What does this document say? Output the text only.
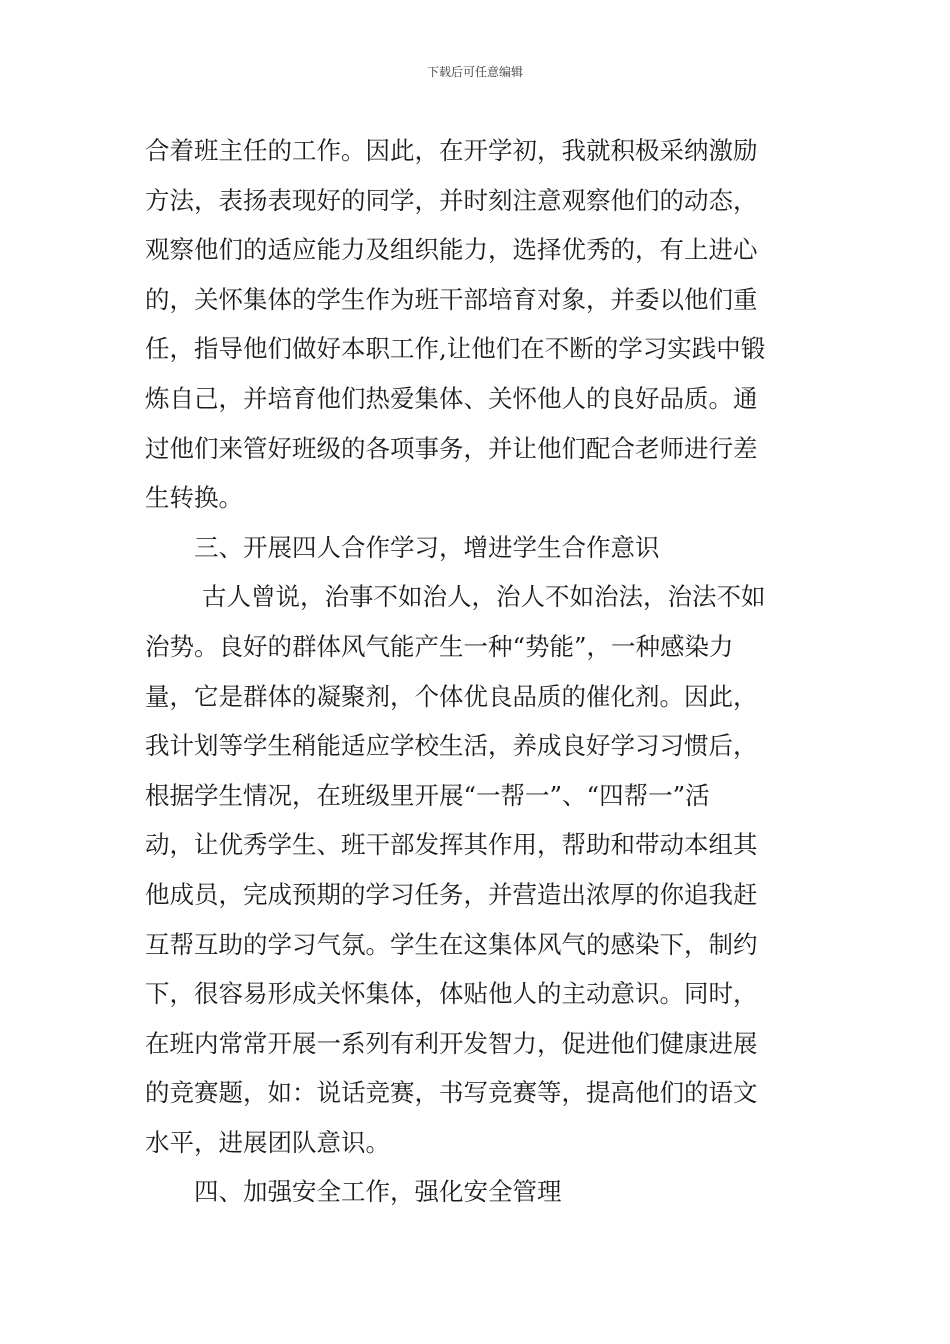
下载后可任意编辑
合着班主任的工作。因此，在开学初，我就积极采纳激励
方法，表扬表现好的同学，并时刻注意观察他们的动态，
观察他们的适应能力及组织能力，选择优秀的，有上进心
的，关怀集体的学生作为班干部培育对象，并委以他们重
任，指导他们做好本职工作,让他们在不断的学习实践中锻
炼自己，并培育他们热爱集体、关怀他人的良好品质。通
过他们来管好班级的各项事务，并让他们配合老师进行差
生转换。
三、开展四人合作学习，增进学生合作意识
古人曾说，治事不如治人，治人不如治法，治法不如
治势。良好的群体风气能产生一种“势能”，一种感染力
量，它是群体的凝聚剂，个体优良品质的催化剂。因此，
我计划等学生稍能适应学校生活，养成良好学习习惯后，
根据学生情况，在班级里开展“一帮一”、“四帮一”活
动，让优秀学生、班干部发挥其作用，帮助和带动本组其
他成员，完成预期的学习任务，并营造出浓厚的你追我赶
互帮互助的学习气氛。学生在这集体风气的感染下，制约
下，很容易形成关怀集体，体贴他人的主动意识。同时，
在班内常常开展一系列有利开发智力，促进他们健康进展
的竞赛题，如：说话竞赛，书写竞赛等，提高他们的语文
水平，进展团队意识。
四、加强安全工作，强化安全管理
